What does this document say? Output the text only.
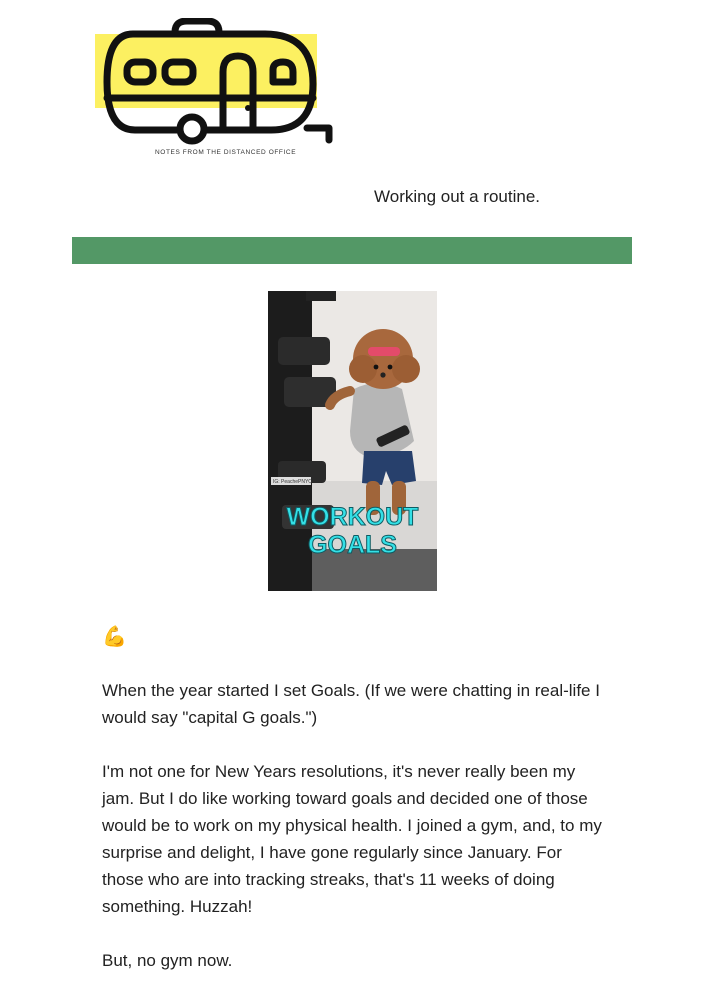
NOTES FROM THE DISTANCED OFFICE
Working out a routine.
IG: PeachePNYC
WORKOUT
GOALS
💪

When the year started I set Goals. (If we were chatting in real-life I would say "capital G goals.")

I'm not one for New Years resolutions, it's never really been my jam. But I do like working toward goals and decided one of those would be to work on my physical health. I joined a gym, and, to my surprise and delight, I have gone regularly since January. For those who are into tracking streaks, that's 11 weeks of doing something. Huzzah!

But, no gym now.
